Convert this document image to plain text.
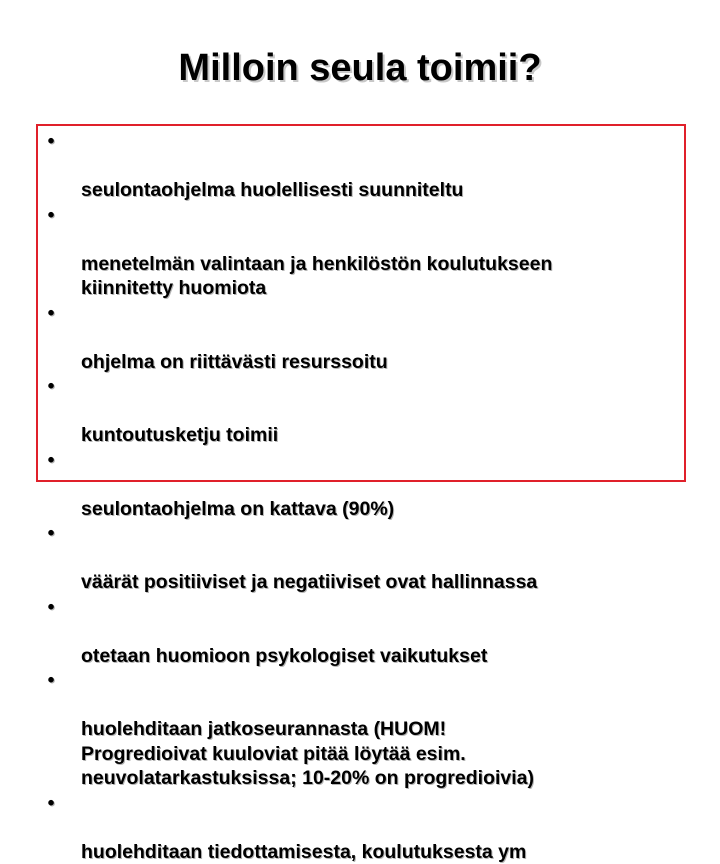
Milloin seula toimii?

•

seulontaohjelma huolellisesti suunniteltu

•

menetelmän valintaan ja henkilöstön koulutukseen
kiinnitetty huomiota

•

ohjelma on riittävästi resurssoitu

•

kuntoutusketju toimii

•

seulontaohjelma on kattava (90%)

•

väärät positiiviset ja negatiiviset ovat hallinnassa

•

otetaan huomioon psykologiset vaikutukset

•

huolehditaan jatkoseurannasta (HUOM!
Progredioivat kuuloviat pitää löytää esim.
neuvolatarkastuksissa; 10-20% on progredioivia)

•

huolehditaan tiedottamisesta, koulutuksesta ym
